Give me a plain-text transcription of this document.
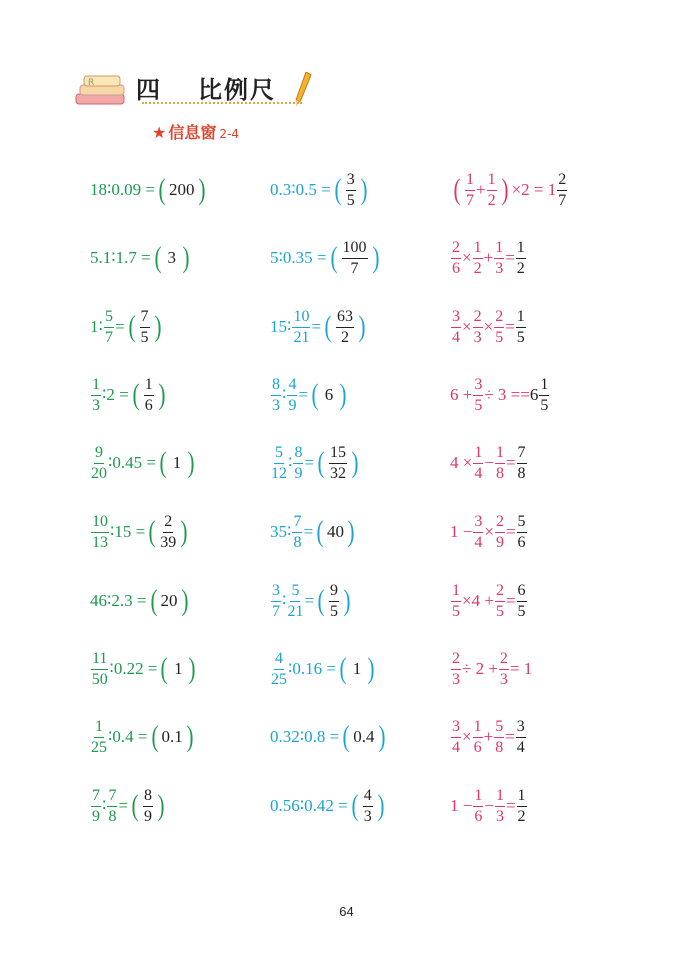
R 四 比例尺
★ 信息窗 2-4
18∶0.09 = ( 200 )	0.3∶0.5 = ( $\frac{3}{5}$ )	( $\frac{1}{7} + \frac{1}{2}$ ) $\times 2 = 1 \frac{2}{7}$
5.1∶1.7 = ( 3 )	5∶0.35 = ( $\frac{100}{7}$ )	$\frac{2}{6} \times \frac{1}{2} + \frac{1}{3} = \frac{1}{2}$
1∶ $\frac{5}{7}$ = ( $\frac{7}{5}$ )	15∶ $\frac{10}{21}$ = ( $\frac{63}{2}$ )	$\frac{3}{4} \times \frac{2}{3} \times \frac{2}{5} = \frac{1}{5}$
$\frac{1}{3}$ ∶2 = ( $\frac{1}{6}$ )	$\frac{8}{3}$ ∶ $\frac{4}{9}$ = ( 6 )	$6 + \frac{3}{5} \div 3$ = = $6 \frac{1}{5}$
$\frac{9}{20}$ ∶0.45 = ( 1 )	$\frac{5}{12}$ ∶ $\frac{8}{9}$ = ( $\frac{15}{32}$ )	$4 \times \frac{1}{4} - \frac{1}{8} = \frac{7}{8}$
$\frac{10}{13}$ ∶15 = ( $\frac{2}{39}$ )	35∶ $\frac{7}{8}$ = ( 40 )	$1 - \frac{3}{4} \times \frac{2}{9} = \frac{5}{6}$
46∶2.3 = ( 20 )	$\frac{3}{7}$ ∶ $\frac{5}{21}$ = ( $\frac{9}{5}$ )	$\frac{1}{5} \times 4 + \frac{2}{5} = \frac{6}{5}$
$\frac{11}{50}$ ∶0.22 = ( 1 )	$\frac{4}{25}$ ∶0.16 = ( 1 )	$\frac{2}{3} \div 2 + \frac{2}{3} = 1$
$\frac{1}{25}$ ∶0.4 = ( 0.1 )	0.32∶0.8 = ( 0.4 )	$\frac{3}{4} \times \frac{1}{6} + \frac{5}{8} = \frac{3}{4}$
$\frac{7}{9}$ ∶ $\frac{7}{8}$ = ( $\frac{8}{9}$ )	0.56∶0.42 = ( $\frac{4}{3}$ )	$1 - \frac{1}{6} - \frac{1}{3} = \frac{1}{2}$
64
